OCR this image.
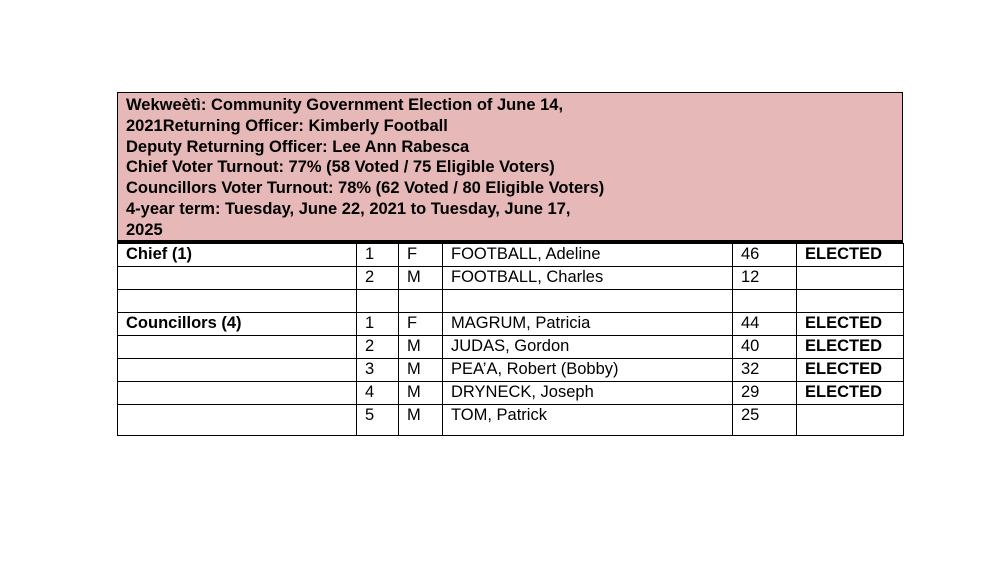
Wekweètì: Community Government Election of June 14,
2021Returning Officer: Kimberly Football
Deputy Returning Officer: Lee Ann Rabesca
Chief Voter Turnout: 77% (58 Voted / 75 Eligible Voters)
Councillors Voter Turnout: 78% (62 Voted / 80 Eligible Voters)
4-year term: Tuesday, June 22, 2021 to Tuesday, June 17,
2025
Chief (1)	1	F	FOOTBALL, Adeline	46	ELECTED
	2	M	FOOTBALL, Charles	12	

Councillors (4)	1	F	MAGRUM, Patricia	44	ELECTED
	2	M	JUDAS, Gordon	40	ELECTED
	3	M	PEA’A, Robert (Bobby)	32	ELECTED
	4	M	DRYNECK, Joseph	29	ELECTED
	5	M	TOM, Patrick	25	
